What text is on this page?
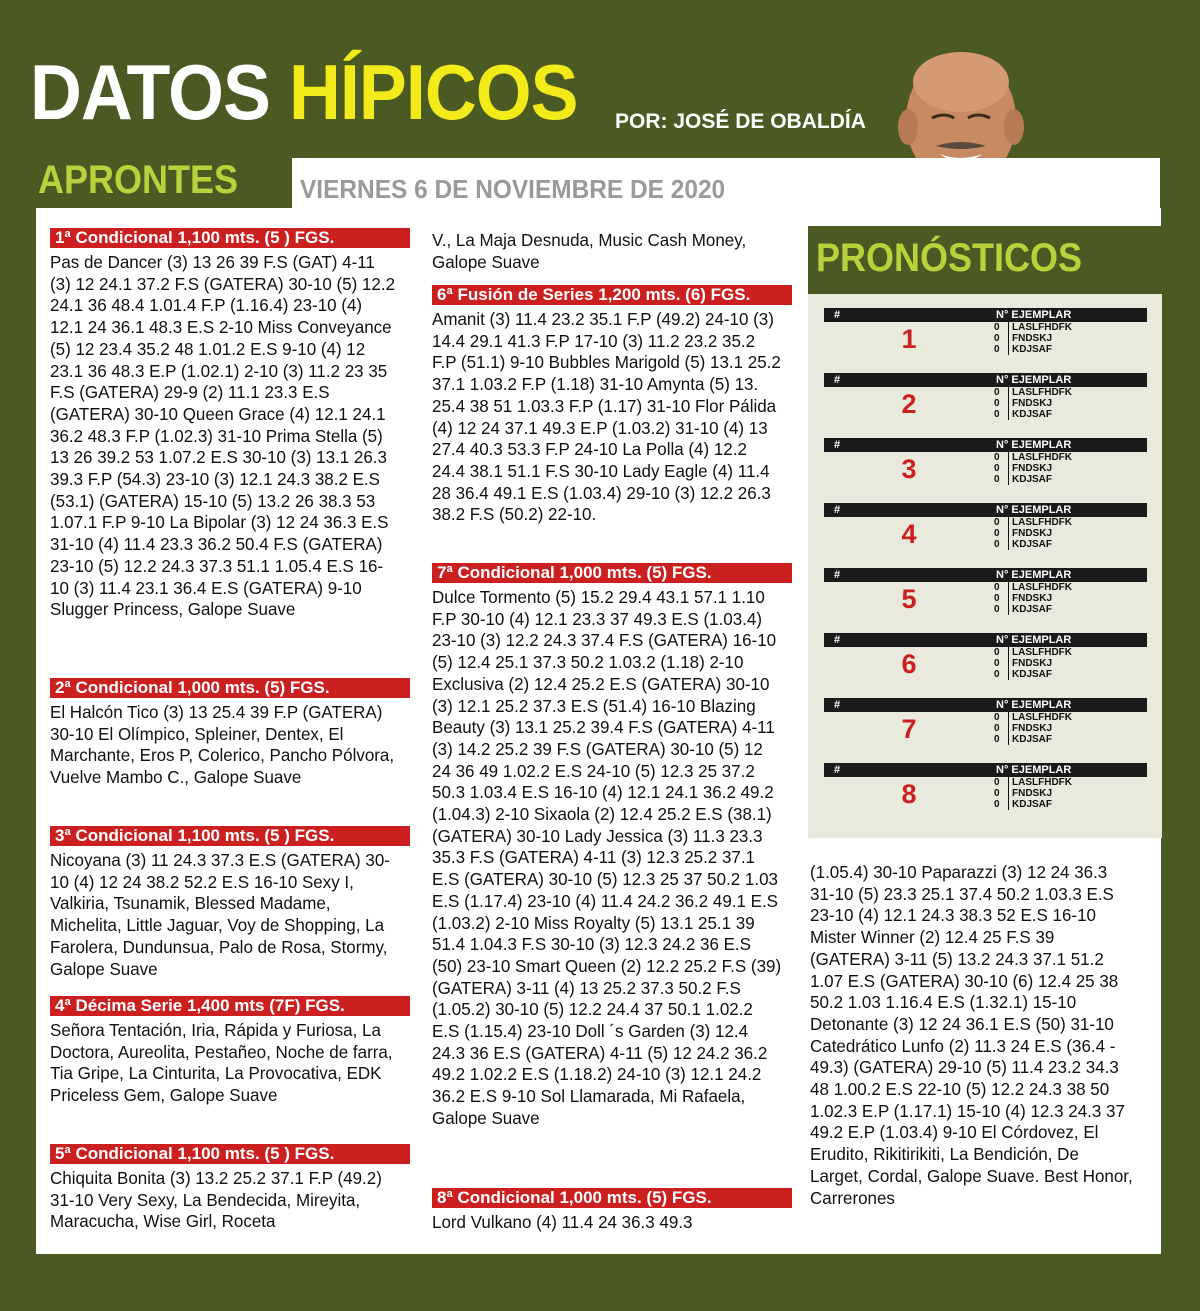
DATOS HÍPICOS POR: JOSÉ DE OBALDÍA
APRONTES VIERNES 6 DE NOVIEMBRE DE 2020
1ª Condicional 1,100 mts. (5 ) FGS.
Pas de Dancer (3) 13 26 39 F.S (GAT) 4-11 (3) 12 24.1 37.2 F.S (GATERA) 30-10 (5) 12.2 24.1 36 48.4 1.01.4 F.P (1.16.4) 23-10 (4) 12.1 24 36.1 48.3 E.S 2-10 Miss Conveyance (5) 12 23.4 35.2 48 1.01.2 E.S 9-10 (4) 12 23.1 36 48.3 E.P (1.02.1) 2-10 (3) 11.2 23 35 F.S (GATERA) 29-9 (2) 11.1 23.3 E.S (GATERA) 30-10 Queen Grace (4) 12.1 24.1 36.2 48.3 F.P (1.02.3) 31-10 Prima Stella (5) 13 26 39.2 53 1.07.2 E.S 30-10 (3) 13.1 26.3 39.3 F.P (54.3) 23-10 (3) 12.1 24.3 38.2 E.S (53.1) (GATERA) 15-10 (5) 13.2 26 38.3 53 1.07.1 F.P 9-10 La Bipolar (3) 12 24 36.3 E.S 31-10 (4) 11.4 23.3 36.2 50.4 F.S (GATERA) 23-10 (5) 12.2 24.3 37.3 51.1 1.05.4 E.S 16-10 (3) 11.4 23.1 36.4 E.S (GATERA) 9-10 Slugger Princess, Galope Suave
2ª Condicional 1,000 mts. (5) FGS.
El Halcón Tico (3) 13 25.4 39 F.P (GATERA) 30-10 El Olímpico, Spleiner, Dentex, El Marchante, Eros P, Colerico, Pancho Pólvora, Vuelve Mambo C., Galope Suave
3ª Condicional 1,100 mts. (5 ) FGS.
Nicoyana (3) 11 24.3 37.3 E.S (GATERA) 30-10 (4) 12 24 38.2 52.2 E.S 16-10 Sexy I, Valkiria, Tsunamik, Blessed Madame, Michelita, Little Jaguar, Voy de Shopping, La Farolera, Dundunsua, Palo de Rosa, Stormy, Galope Suave
4ª Décima Serie 1,400 mts (7F) FGS.
Señora Tentación, Iria, Rápida y Furiosa, La Doctora, Aureolita, Pestañeo, Noche de farra, Tia Gripe, La Cinturita, La Provocativa, EDK Priceless Gem, Galope Suave
5ª Condicional 1,100 mts. (5 ) FGS.
Chiquita Bonita (3) 13.2 25.2 37.1 F.P (49.2) 31-10 Very Sexy, La Bendecida, Mireyita, Maracucha, Wise Girl, Roceta
V., La Maja Desnuda, Music Cash Money, Galope Suave
6ª Fusión de Series 1,200 mts. (6) FGS.
Amanit (3) 11.4 23.2 35.1 F.P (49.2) 24-10 (3) 14.4 29.1 41.3 F.P 17-10 (3) 11.2 23.2 35.2 F.P (51.1) 9-10 Bubbles Marigold (5) 13.1 25.2 37.1 1.03.2 F.P (1.18) 31-10 Amynta (5) 13. 25.4 38 51 1.03.3 F.P (1.17) 31-10 Flor Pálida (4) 12 24 37.1 49.3 E.P (1.03.2) 31-10 (4) 13 27.4 40.3 53.3 F.P 24-10 La Polla (4) 12.2 24.4 38.1 51.1 F.S 30-10 Lady Eagle (4) 11.4 28 36.4 49.1 E.S (1.03.4) 29-10 (3) 12.2 26.3 38.2 F.S (50.2) 22-10.
7ª Condicional 1,000 mts. (5) FGS.
Dulce Tormento (5) 15.2 29.4 43.1 57.1 1.10 F.P 30-10 (4) 12.1 23.3 37 49.3 E.S (1.03.4) 23-10 (3) 12.2 24.3 37.4 F.S (GATERA) 16-10 (5) 12.4 25.1 37.3 50.2 1.03.2 (1.18) 2-10 Exclusiva (2) 12.4 25.2 E.S (GATERA) 30-10 (3) 12.1 25.2 37.3 E.S (51.4) 16-10 Blazing Beauty (3) 13.1 25.2 39.4 F.S (GATERA) 4-11 (3) 14.2 25.2 39 F.S (GATERA) 30-10 (5) 12 24 36 49 1.02.2 E.S 24-10 (5) 12.3 25 37.2 50.3 1.03.4 E.S 16-10 (4) 12.1 24.1 36.2 49.2 (1.04.3) 2-10 Sixaola (2) 12.4 25.2 E.S (38.1) (GATERA) 30-10 Lady Jessica (3) 11.3 23.3 35.3 F.S (GATERA) 4-11 (3) 12.3 25.2 37.1 E.S (GATERA) 30-10 (5) 12.3 25 37 50.2 1.03 E.S (1.17.4) 23-10 (4) 11.4 24.2 36.2 49.1 E.S (1.03.2) 2-10 Miss Royalty (5) 13.1 25.1 39 51.4 1.04.3 F.S 30-10 (3) 12.3 24.2 36 E.S (50) 23-10 Smart Queen (2) 12.2 25.2 F.S (39) (GATERA) 3-11 (4) 13 25.2 37.3 50.2 F.S (1.05.2) 30-10 (5) 12.2 24.4 37 50.1 1.02.2 E.S (1.15.4) 23-10 Doll ´s Garden (3) 12.4 24.3 36 E.S (GATERA) 4-11 (5) 12 24.2 36.2 49.2 1.02.2 E.S (1.18.2) 24-10 (3) 12.1 24.2 36.2 E.S 9-10 Sol Llamarada, Mi Rafaela, Galope Suave
8ª Condicional 1,000 mts. (5) FGS.
Lord Vulkano (4) 11.4 24 36.3 49.3
(1.05.4) 30-10 Paparazzi (3) 12 24 36.3 31-10 (5) 23.3 25.1 37.4 50.2 1.03.3 E.S 23-10 (4) 12.1 24.3 38.3 52 E.S 16-10 Mister Winner (2) 12.4 25 F.S 39 (GATERA) 3-11 (5) 13.2 24.3 37.1 51.2 1.07 E.S (GATERA) 30-10 (6) 12.4 25 38 50.2 1.03 1.16.4 E.S (1.32.1) 15-10 Detonante (3) 12 24 36.1 E.S (50) 31-10 Catedrático Lunfo (2) 11.3 24 E.S (36.4 - 49.3) (GATERA) 29-10 (5) 11.4 23.2 34.3 48 1.00.2 E.S 22-10 (5) 12.2 24.3 38 50 1.02.3 E.P (1.17.1) 15-10 (4) 12.3 24.3 37 49.2 E.P (1.03.4) 9-10 El Córdovez, El Erudito, Rikitirikiti, La Bendición, De Larget, Cordal, Galope Suave. Best Honor, Carrerones
PRONÓSTICOS
#	N° EJEMPLAR
1	0 LASLFHDFK
0 FNDSKJ
0 KDJSAF
#	N° EJEMPLAR
2	0 LASLFHDFK
0 FNDSKJ
0 KDJSAF
#	N° EJEMPLAR
3	0 LASLFHDFK
0 FNDSKJ
0 KDJSAF
#	N° EJEMPLAR
4	0 LASLFHDFK
0 FNDSKJ
0 KDJSAF
#	N° EJEMPLAR
5	0 LASLFHDFK
0 FNDSKJ
0 KDJSAF
#	N° EJEMPLAR
6	0 LASLFHDFK
0 FNDSKJ
0 KDJSAF
#	N° EJEMPLAR
7	0 LASLFHDFK
0 FNDSKJ
0 KDJSAF
#	N° EJEMPLAR
8	0 LASLFHDFK
0 FNDSKJ
0 KDJSAF
